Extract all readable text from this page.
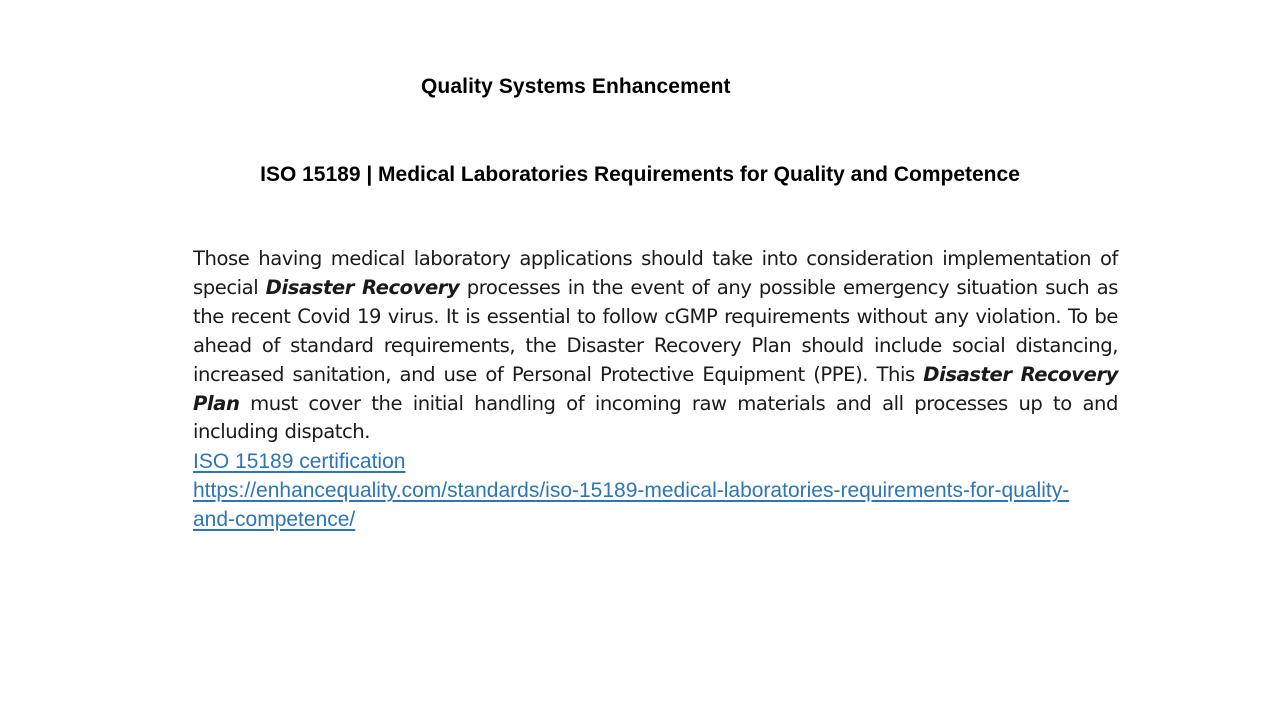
Quality Systems Enhancement
ISO 15189 | Medical Laboratories Requirements for Quality and Competence

Those having medical laboratory applications should take into consideration implementation of special Disaster Recovery processes in the event of any possible emergency situation such as the recent Covid 19 virus. It is essential to follow cGMP requirements without any violation. To be ahead of standard requirements, the Disaster Recovery Plan should include social distancing, increased sanitation, and use of Personal Protective Equipment (PPE). This Disaster Recovery Plan must cover the initial handling of incoming raw materials and all processes up to and including dispatch.

ISO 15189 certification
https://enhancequality.com/standards/iso-15189-medical-laboratories-requirements-for-quality-and-competence/
